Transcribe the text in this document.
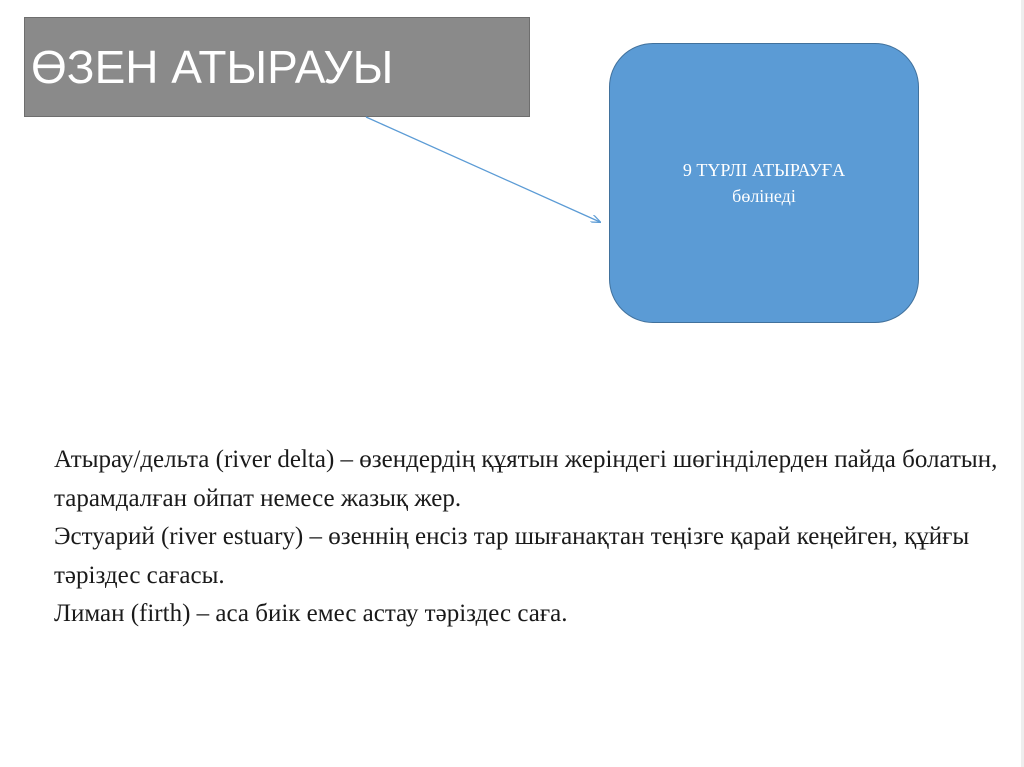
ӨЗЕН АТЫРАУЫ
9 ТҮРЛІ АТЫРАУҒА
бөлінеді

Атырау/дельта (river delta) – өзендердің құятын жеріндегі шөгінділерден пайда болатын, тарамдалған ойпат немесе жазық жер.

Эстуарий (river estuary) – өзеннің енсіз тар шығанақтан теңізге қарай кеңейген, құйғы тәріздес сағасы.

Лиман (firth) – аса биік емес астау тәріздес саға.
